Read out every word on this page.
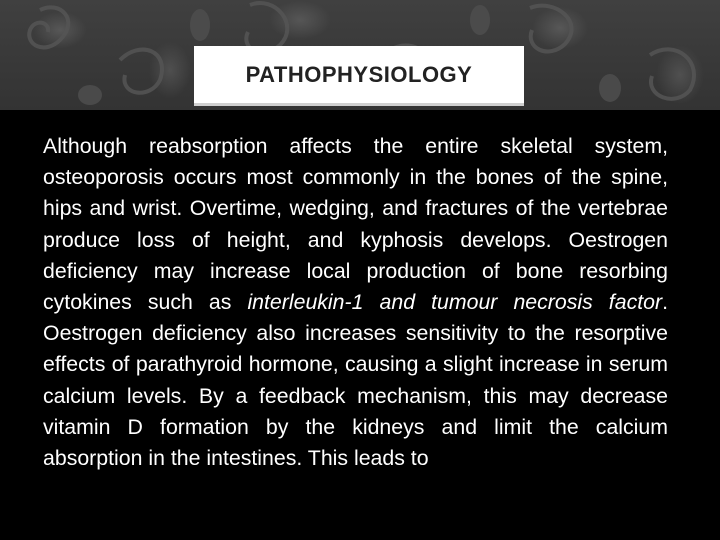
PATHOPHYSIOLOGY

Although reabsorption affects the entire skeletal system, osteoporosis occurs most commonly in the bones of the spine, hips and wrist. Overtime, wedging, and fractures of the vertebrae produce loss of height, and kyphosis develops. Oestrogen deficiency may increase local production of bone resorbing cytokines such as interleukin-1 and tumour necrosis factor. Oestrogen deficiency also increases sensitivity to the resorptive effects of parathyroid hormone, causing a slight increase in serum calcium levels. By a feedback mechanism, this may decrease vitamin D formation by the kidneys and limit the calcium absorption in the intestines. This leads to
